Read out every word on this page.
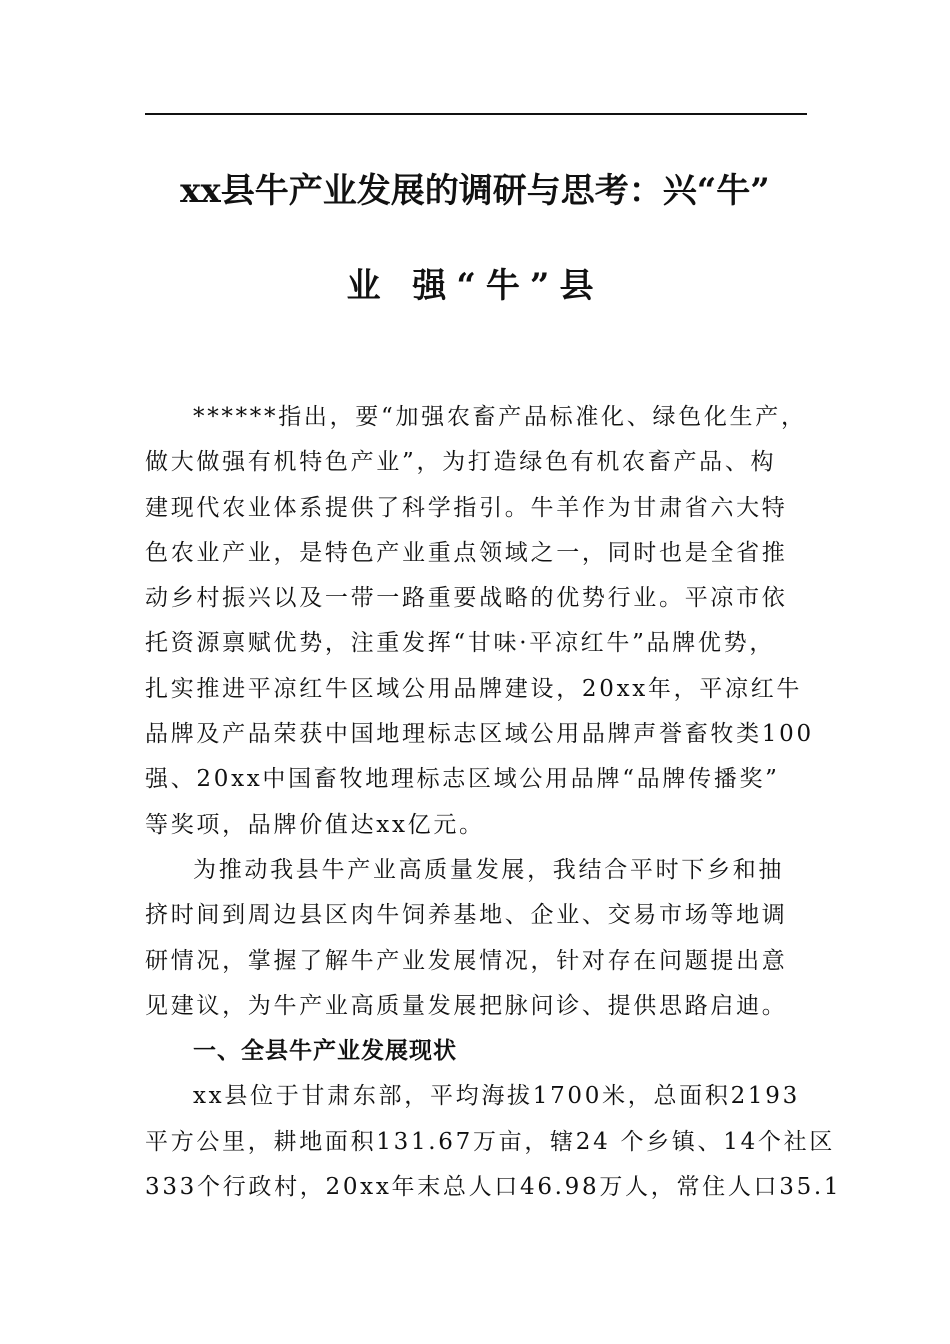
xx县牛产业发展的调研与思考：兴“牛”
业 强“牛”县
******指出，要“加强农畜产品标准化、绿色化生产，
做大做强有机特色产业”，为打造绿色有机农畜产品、构
建现代农业体系提供了科学指引。牛羊作为甘肃省六大特
色农业产业，是特色产业重点领域之一，同时也是全省推
动乡村振兴以及一带一路重要战略的优势行业。平凉市依
托资源禀赋优势，注重发挥“甘味·平凉红牛”品牌优势，
扎实推进平凉红牛区域公用品牌建设，20xx年，平凉红牛
品牌及产品荣获中国地理标志区域公用品牌声誉畜牧类100
强、20xx中国畜牧地理标志区域公用品牌“品牌传播奖”
等奖项，品牌价值达xx亿元。
为推动我县牛产业高质量发展，我结合平时下乡和抽
挤时间到周边县区肉牛饲养基地、企业、交易市场等地调
研情况，掌握了解牛产业发展情况，针对存在问题提出意
见建议，为牛产业高质量发展把脉问诊、提供思路启迪。
一、全县牛产业发展现状
xx县位于甘肃东部，平均海拔1700米，总面积2193
平方公里，耕地面积131.67万亩，辖24 个乡镇、14个社区
333个行政村，20xx年末总人口46.98万人，常住人口35.1
